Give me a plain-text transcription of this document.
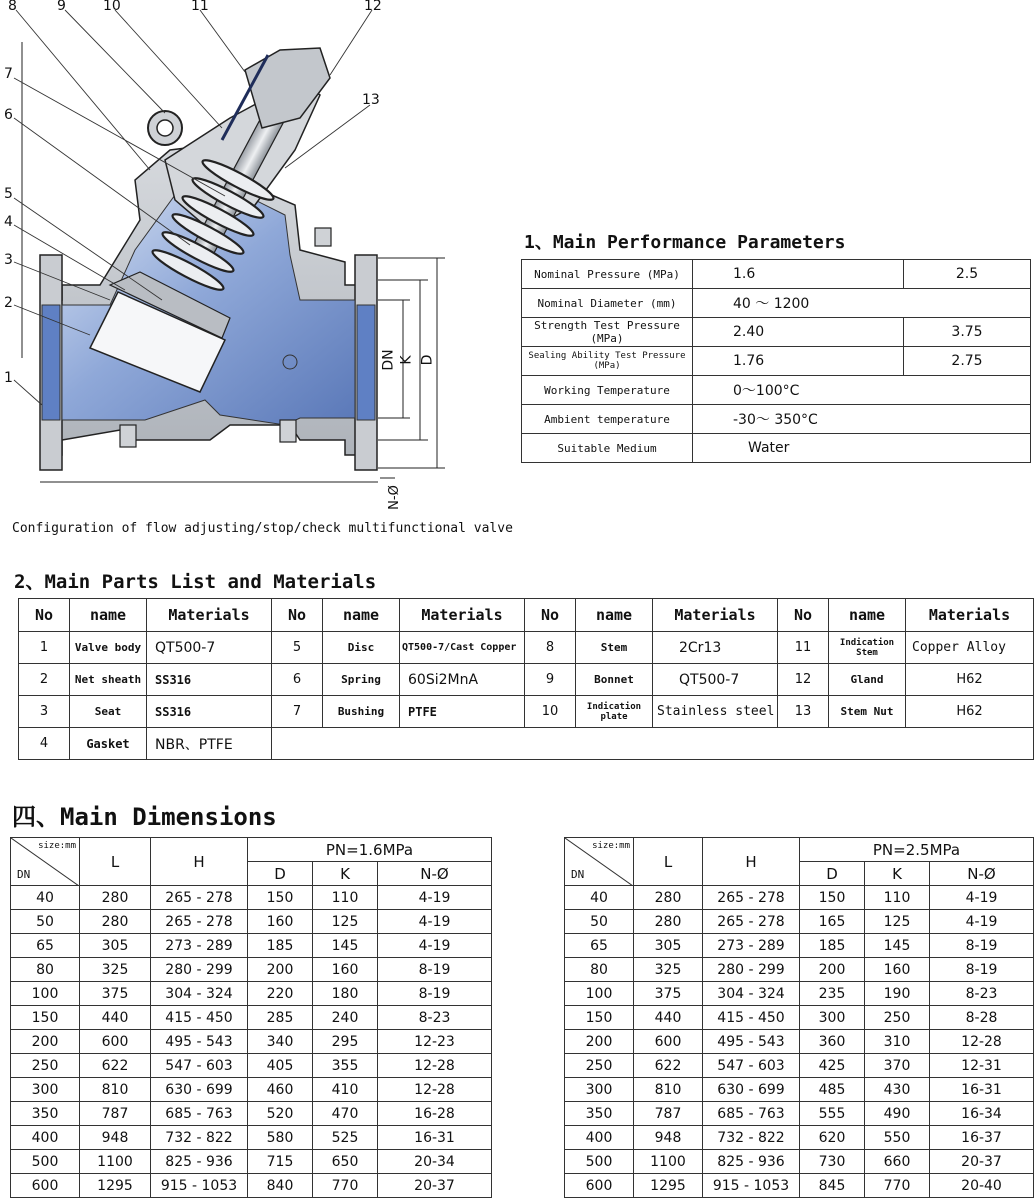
8	9	10	11	12
7
13
6
5
4
3
2
1
DN K D
N-Ø
Configuration of flow adjusting/stop/check multifunctional valve
1、Main Performance Parameters
Nominal Pressure (MPa)	1.6	2.5
Nominal Diameter (mm)	40 ～ 1200	
Strength Test Pressure (MPa)	2.40	3.75
Sealing Ability Test Pressure (MPa)	1.76	2.75
Working Temperature	0～100°C	
Ambient temperature	-30～ 350°C	
Suitable Medium	Water	
2、Main Parts List and Materials
No	name	Materials	No	name	Materials	No	name	Materials	No	name	Materials
1	Valve body	QT500-7	5	Disc	QT500-7/Cast Copper	8	Stem	2Cr13	11	Indication Stem	Copper Alloy
2	Net sheath	SS316	6	Spring	60Si2MnA	9	Bonnet	QT500-7	12	Gland	H62
3	Seat	SS316	7	Bushing	PTFE	10	Indication plate	Stainless steel	13	Stem Nut	H62
4	Gasket	NBR、PTFE									
四、Main Dimensions
size:mm
DN	L	H	PN=1.6MPa		
			D	K	N-Ø
40	280	265 - 278	150	110	4-19
50	280	265 - 278	160	125	4-19
65	305	273 - 289	185	145	4-19
80	325	280 - 299	200	160	8-19
100	375	304 - 324	220	180	8-19
150	440	415 - 450	285	240	8-23
200	600	495 - 543	340	295	12-23
250	622	547 - 603	405	355	12-28
300	810	630 - 699	460	410	12-28
350	787	685 - 763	520	470	16-28
400	948	732 - 822	580	525	16-31
500	1100	825 - 936	715	650	20-34
600	1295	915 - 1053	840	770	20-37
size:mm
DN	L	H	PN=2.5MPa		
			D	K	N-Ø
40	280	265 - 278	150	110	4-19
50	280	265 - 278	165	125	4-19
65	305	273 - 289	185	145	8-19
80	325	280 - 299	200	160	8-19
100	375	304 - 324	235	190	8-23
150	440	415 - 450	300	250	8-28
200	600	495 - 543	360	310	12-28
250	622	547 - 603	425	370	12-31
300	810	630 - 699	485	430	16-31
350	787	685 - 763	555	490	16-34
400	948	732 - 822	620	550	16-37
500	1100	825 - 936	730	660	20-37
600	1295	915 - 1053	845	770	20-40
